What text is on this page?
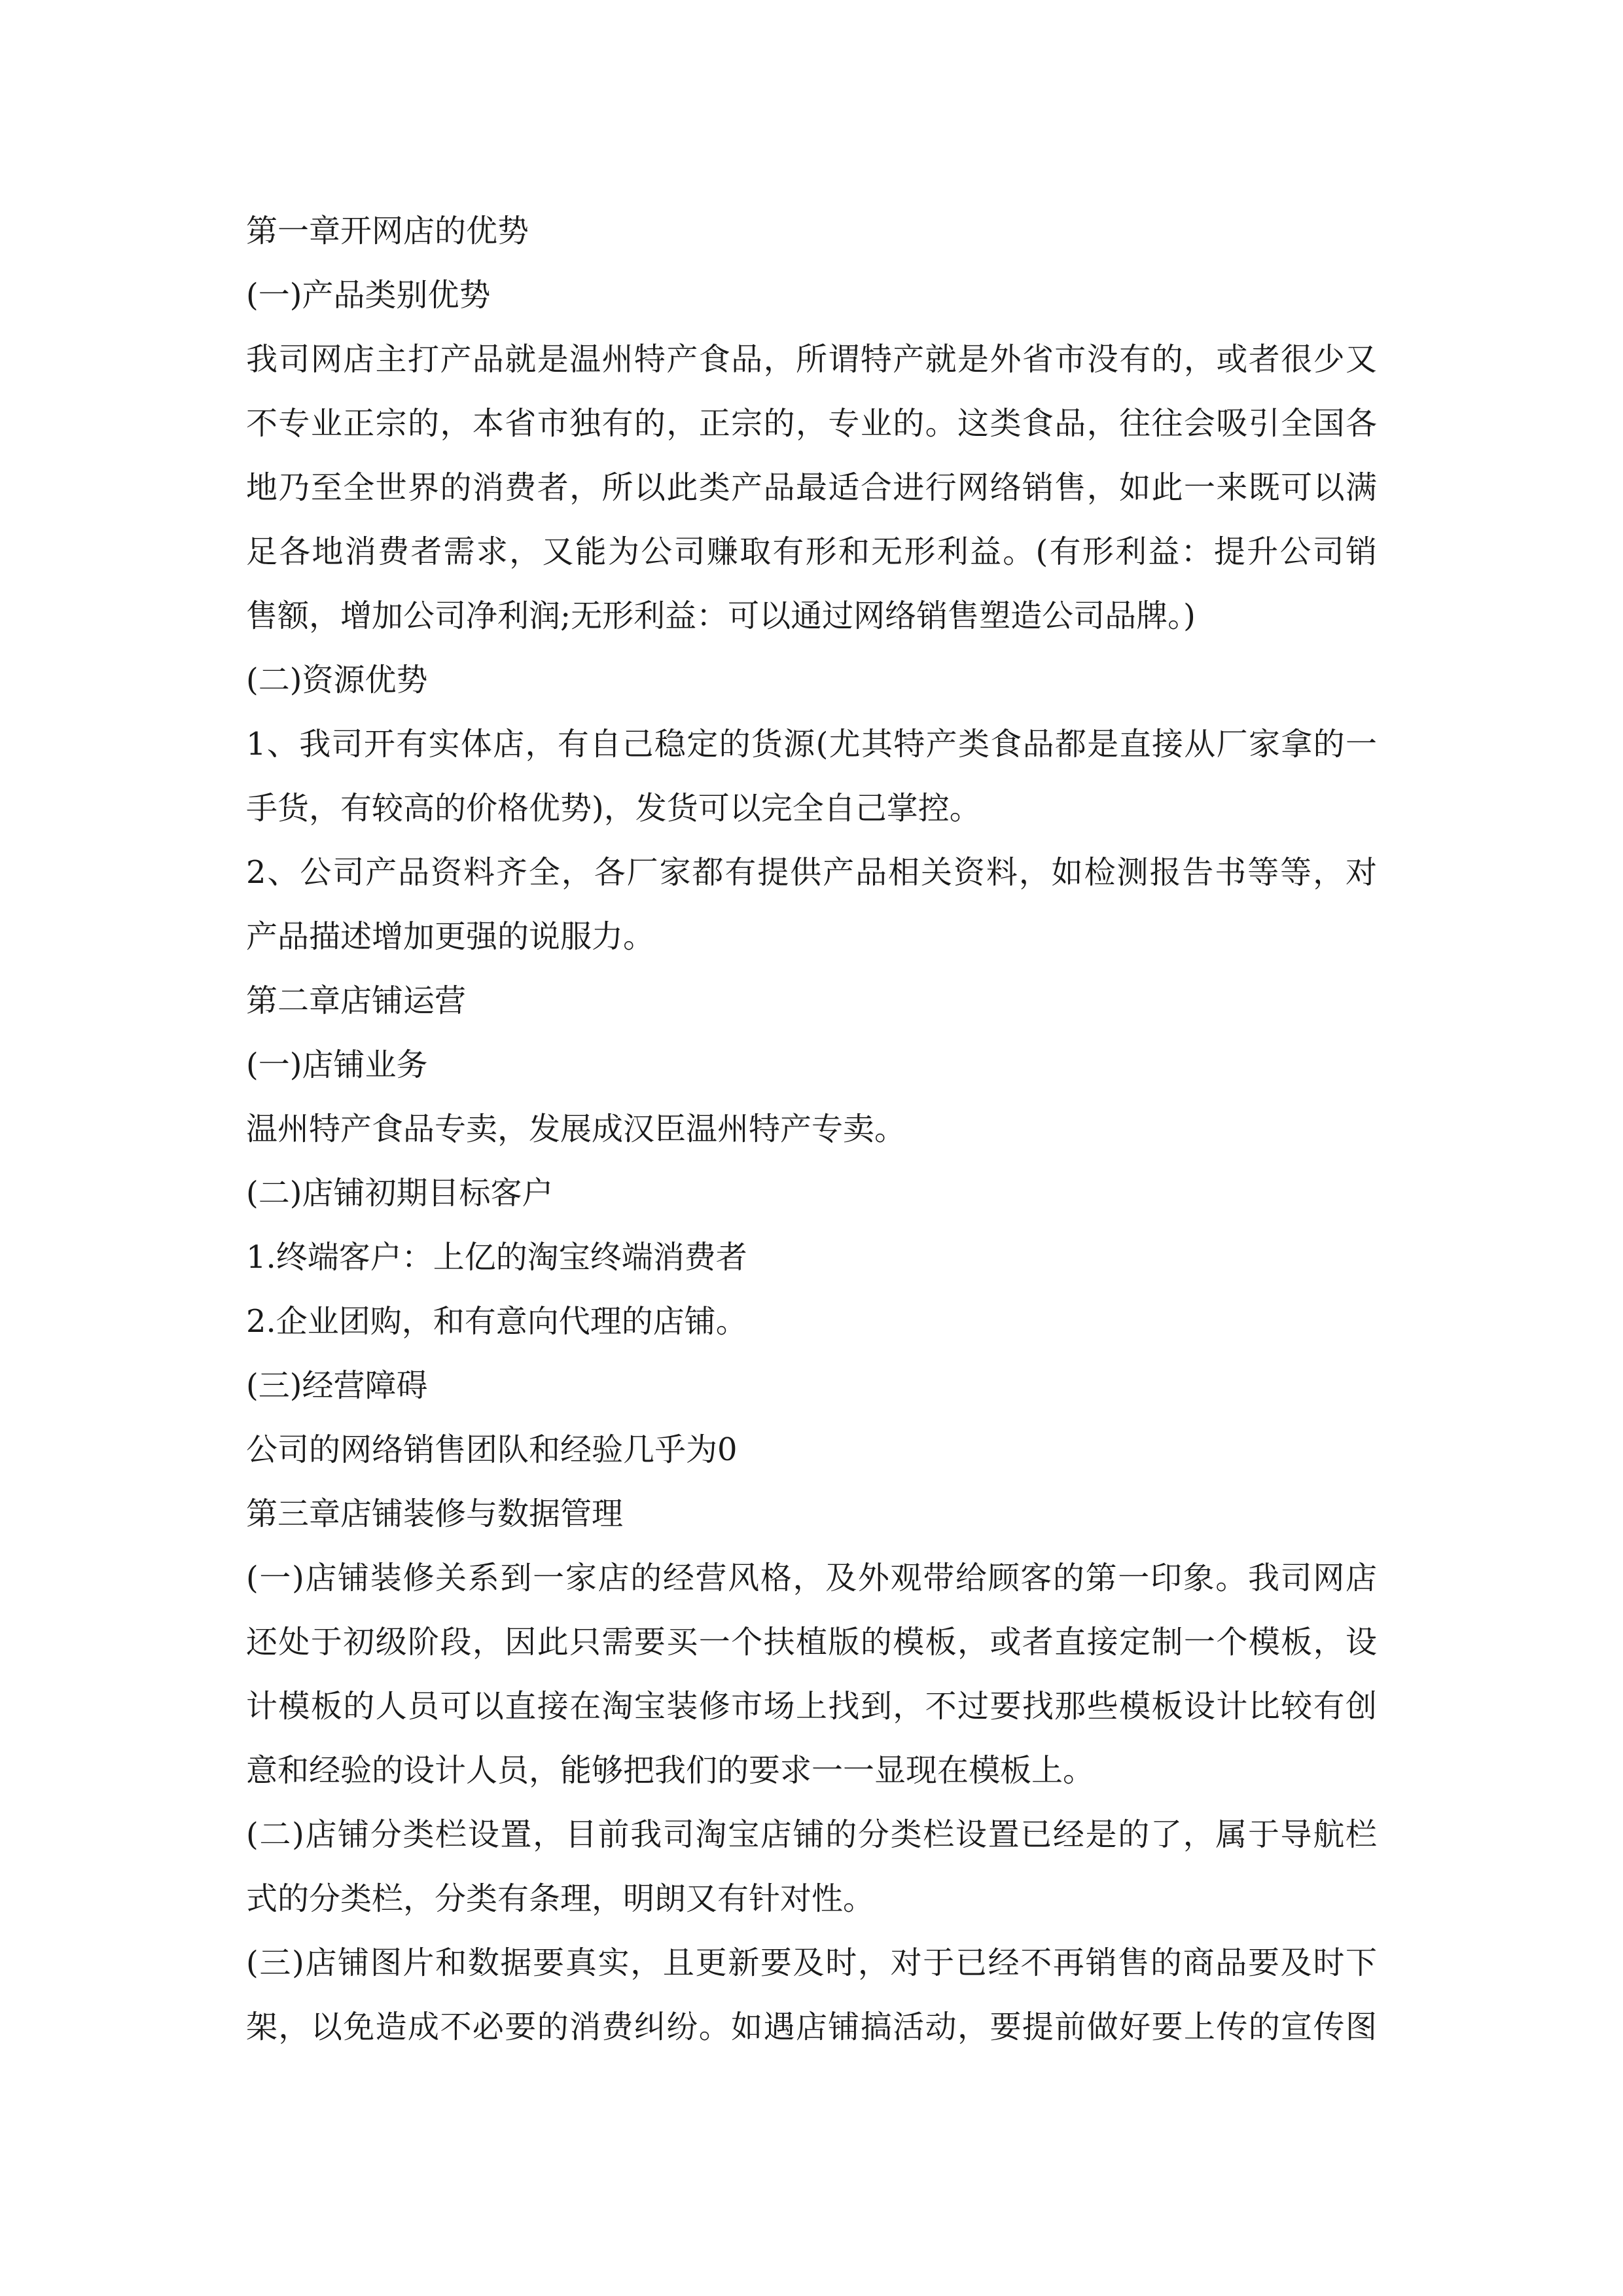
第一章开网店的优势
(一)产品类别优势
我司网店主打产品就是温州特产食品，所谓特产就是外省市没有的，或者很少又
不专业正宗的，本省市独有的，正宗的，专业的。这类食品，往往会吸引全国各
地乃至全世界的消费者，所以此类产品最适合进行网络销售，如此一来既可以满
足各地消费者需求，又能为公司赚取有形和无形利益。(有形利益：提升公司销
售额，增加公司净利润;无形利益：可以通过网络销售塑造公司品牌。)
(二)资源优势
1、我司开有实体店，有自己稳定的货源(尤其特产类食品都是直接从厂家拿的一
手货，有较高的价格优势)，发货可以完全自己掌控。
2、公司产品资料齐全，各厂家都有提供产品相关资料，如检测报告书等等，对
产品描述增加更强的说服力。
第二章店铺运营
(一)店铺业务
温州特产食品专卖，发展成汉臣温州特产专卖。
(二)店铺初期目标客户
1.终端客户：上亿的淘宝终端消费者
2.企业团购，和有意向代理的店铺。
(三)经营障碍
公司的网络销售团队和经验几乎为0
第三章店铺装修与数据管理
(一)店铺装修关系到一家店的经营风格，及外观带给顾客的第一印象。我司网店
还处于初级阶段，因此只需要买一个扶植版的模板，或者直接定制一个模板，设
计模板的人员可以直接在淘宝装修市场上找到，不过要找那些模板设计比较有创
意和经验的设计人员，能够把我们的要求一一显现在模板上。
(二)店铺分类栏设置，目前我司淘宝店铺的分类栏设置已经是的了，属于导航栏
式的分类栏，分类有条理，明朗又有针对性。
(三)店铺图片和数据要真实，且更新要及时，对于已经不再销售的商品要及时下
架，以免造成不必要的消费纠纷。如遇店铺搞活动，要提前做好要上传的宣传图
